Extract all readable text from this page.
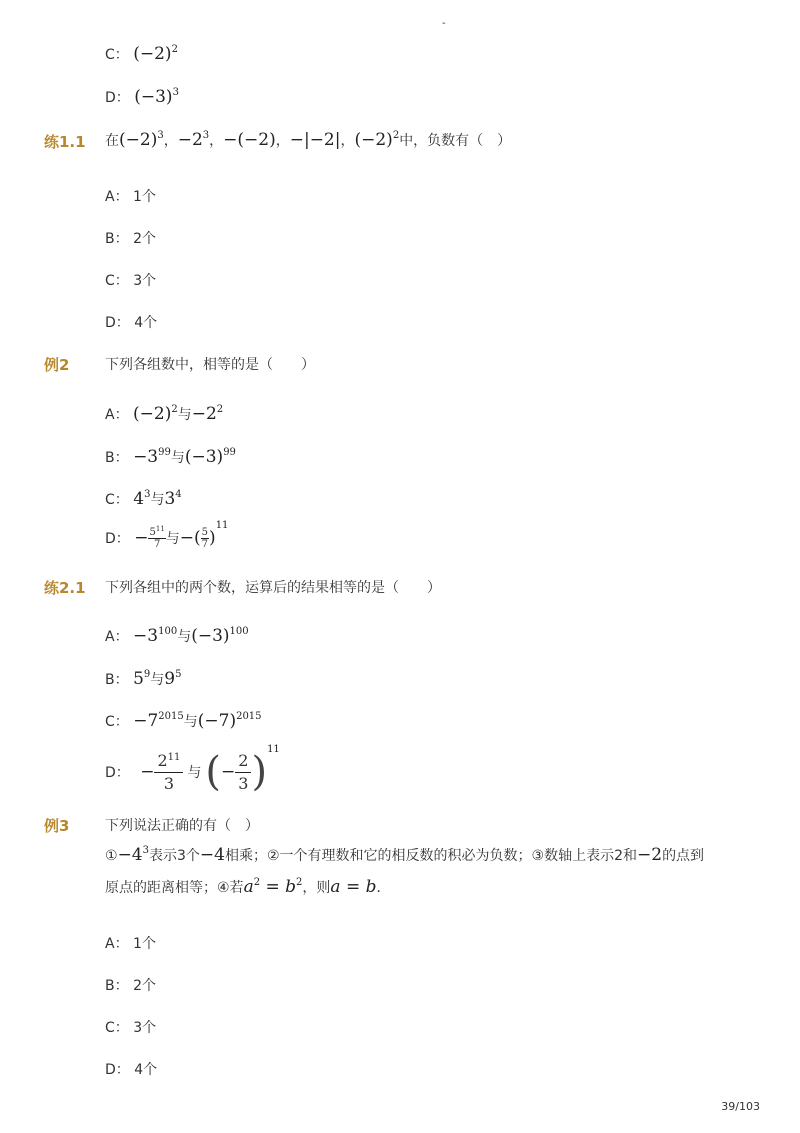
-
C： $(-2)^2$
D： $(-3)^3$
练1.1 在$(-2)^3$，$-2^3$，−(−2)，−|−2|，$(-2)^2$中，负数有（　）
A： 1个
B： 2个
C： 3个
D： 4个
例2	下列各组数中，相等的是（　　）
A： $(-2)^2$与$-2^2$
B： $-3^{99}$与$(-3)^{99}$
C： $4^3$与$3^4$
D： − $\frac{5^{11}}{7}$ 与−( $\frac{5}{7} )^{11}$
练2.1 下列各组中的两个数，运算后的结果相等的是（　　）
A： $-3^{100}$与$(-3)^{100}$
B： $5^9$与$9^5$
C： $-7^{2015}$与$(-7)^{2015}$
D： − $\frac{2^{11}}{3}$ 与 (− $\frac{2}{3} )^{11}$
例3	下列说法正确的有（　）
$①-4^3$表示3个−4相乘；②一个有理数和它的相反数的积必为负数；③数轴上表示2和−2的点到
原点的距离相等；④若$a^2 = b^2$，则a = b．
A： 1个
B： 2个
C： 3个
D： 4个
39/103
